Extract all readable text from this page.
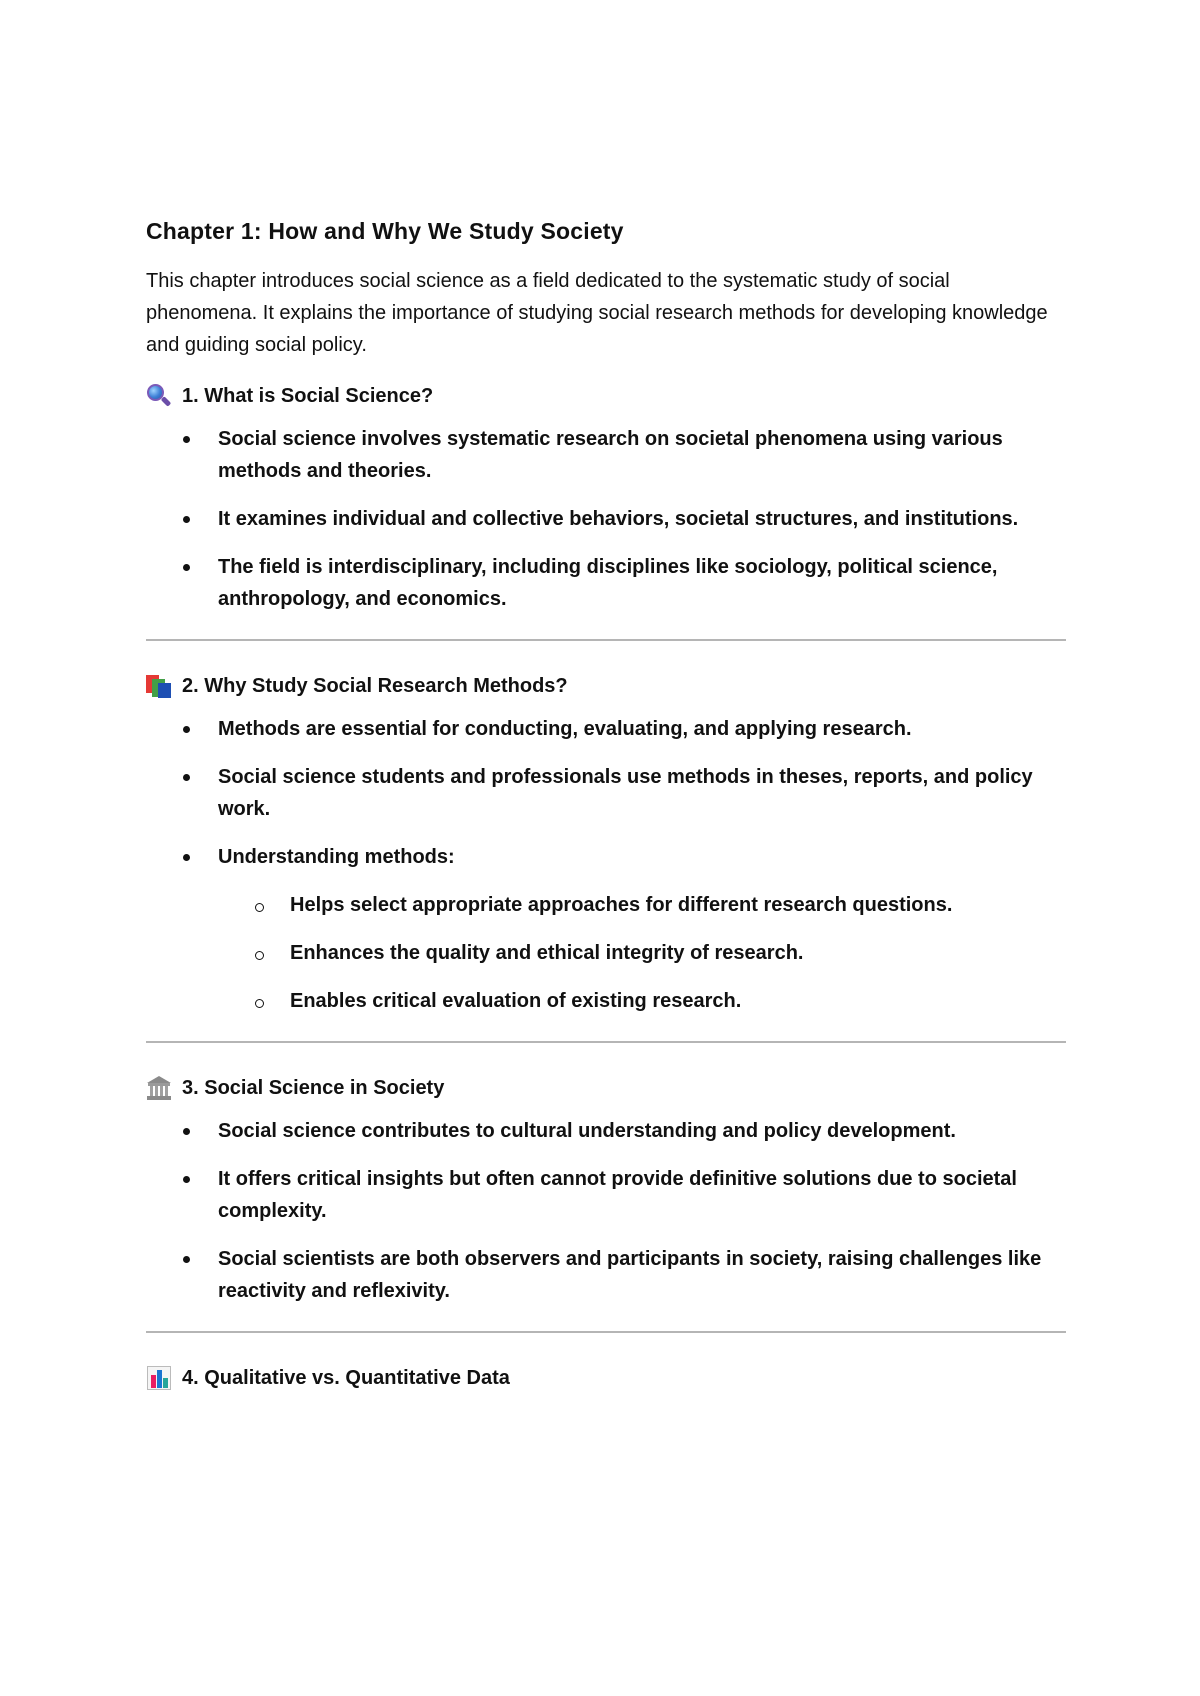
Chapter 1: How and Why We Study Society

This chapter introduces social science as a field dedicated to the systematic study of social phenomena. It explains the importance of studying social research methods for developing knowledge and guiding social policy.

1. What is Social Science?
Social science involves systematic research on societal phenomena using various methods and theories.
It examines individual and collective behaviors, societal structures, and institutions.
The field is interdisciplinary, including disciplines like sociology, political science, anthropology, and economics.
2. Why Study Social Research Methods?
Methods are essential for conducting, evaluating, and applying research.
Social science students and professionals use methods in theses, reports, and policy work.
Understanding methods:
Helps select appropriate approaches for different research questions.
Enhances the quality and ethical integrity of research.
Enables critical evaluation of existing research.
3. Social Science in Society
Social science contributes to cultural understanding and policy development.
It offers critical insights but often cannot provide definitive solutions due to societal complexity.
Social scientists are both observers and participants in society, raising challenges like reactivity and reflexivity.
4. Qualitative vs. Quantitative Data
